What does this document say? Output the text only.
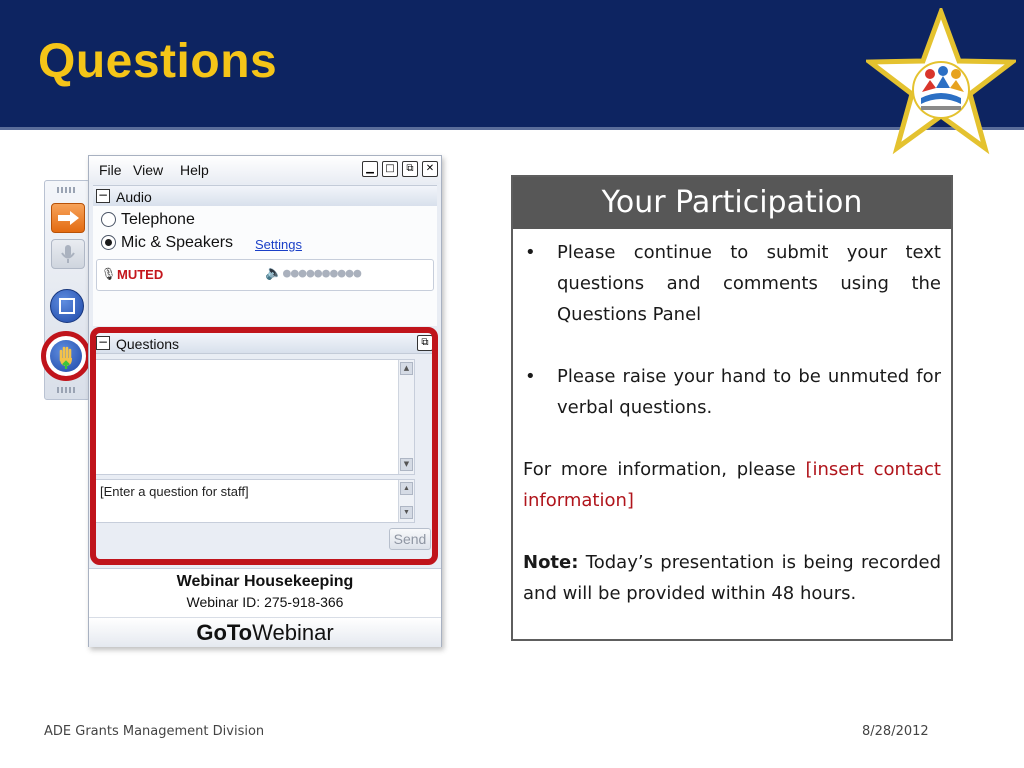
Questions
File View Help	▁	□	⧉	✕
− Audio
Telephone
Mic & Speakers Settings
🎙 MUTED	🔈 ●●●●●●●●●●
− Questions	⧉
▲
▼
[Enter a question for staff]	▲
▼
Send
Webinar Housekeeping
Webinar ID: 275-918-366
GoToWebinar
Your Participation
• Please continue to submit your text questions and comments using the Questions Panel
• Please raise your hand to be unmuted for verbal questions.
For more information, please [insert contact information]
Note: Today’s presentation is being recorded and will be provided within 48 hours.
ADE Grants Management Division	8/28/2012
